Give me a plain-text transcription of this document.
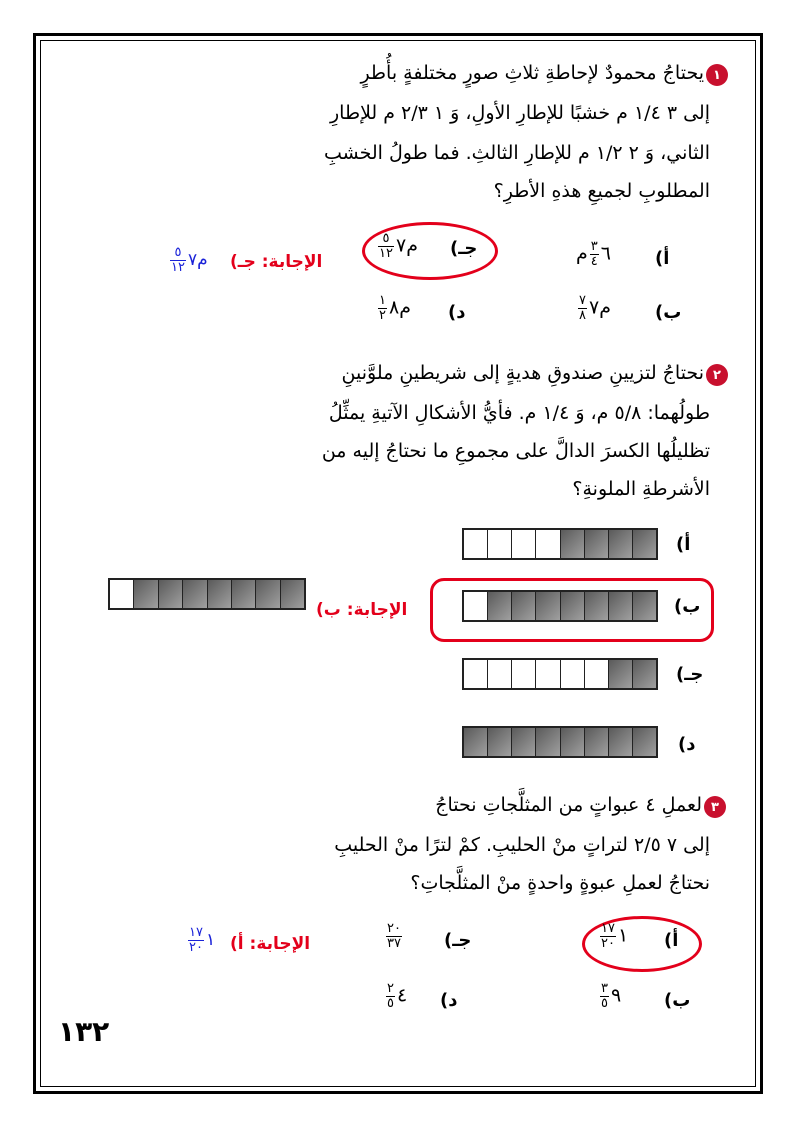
١
يحتاجُ محمودٌ لإحاطةِ ثلاثِ صورٍ مختلفةٍ بأُطرٍ
إلى ٣ ١/٤ م خشبًا للإطارِ الأولِ، وَ ١ ٢/٣ م للإطارِ
الثاني، وَ ٢ ١/٢ م للإطارِ الثالثِ. فما طولُ الخشبِ
المطلوبِ لجميعِ هذهِ الأطرِ؟
أ)
٦
$\frac{٣}{٤}$
م
جـ)
م٧
$\frac{٥}{١٢}$
الإجابة: جـ)
م٧
$\frac{٥}{١٢}$
ب)
م٧
$\frac{٧}{٨}$
د)
م٨
$\frac{١}{٢}$
٢
نحتاجُ لتزيينِ صندوقِ هديةٍ إلى شريطينِ ملوَّنينِ
طولُهما: ٥/٨ م، وَ ١/٤ م. فأيُّ الأشكالِ الآتيةِ يمثِّلُ
تظليلُها الكسرَ الدالَّ على مجموعِ ما نحتاجُ إليه من
الأشرطةِ الملونةِ؟
أ)
ب)
الإجابة: ب)
جـ)
د)
٣
لعملِ ٤ عبواتٍ من المثلَّجاتِ نحتاجُ
إلى ٧ ٢/٥ لتراتٍ منْ الحليبِ. كمْ لترًا منْ الحليبِ
نحتاجُ لعملِ عبوةٍ واحدةٍ منْ المثلَّجاتِ؟
أ)
١
$\frac{١٧}{٢٠}$
جـ)
$\frac{٢٠}{٣٧}$
الإجابة: أ)
١
$\frac{١٧}{٢٠}$
ب)
٩
$\frac{٣}{٥}$
د)
٤
$\frac{٢}{٥}$
١٣٢
